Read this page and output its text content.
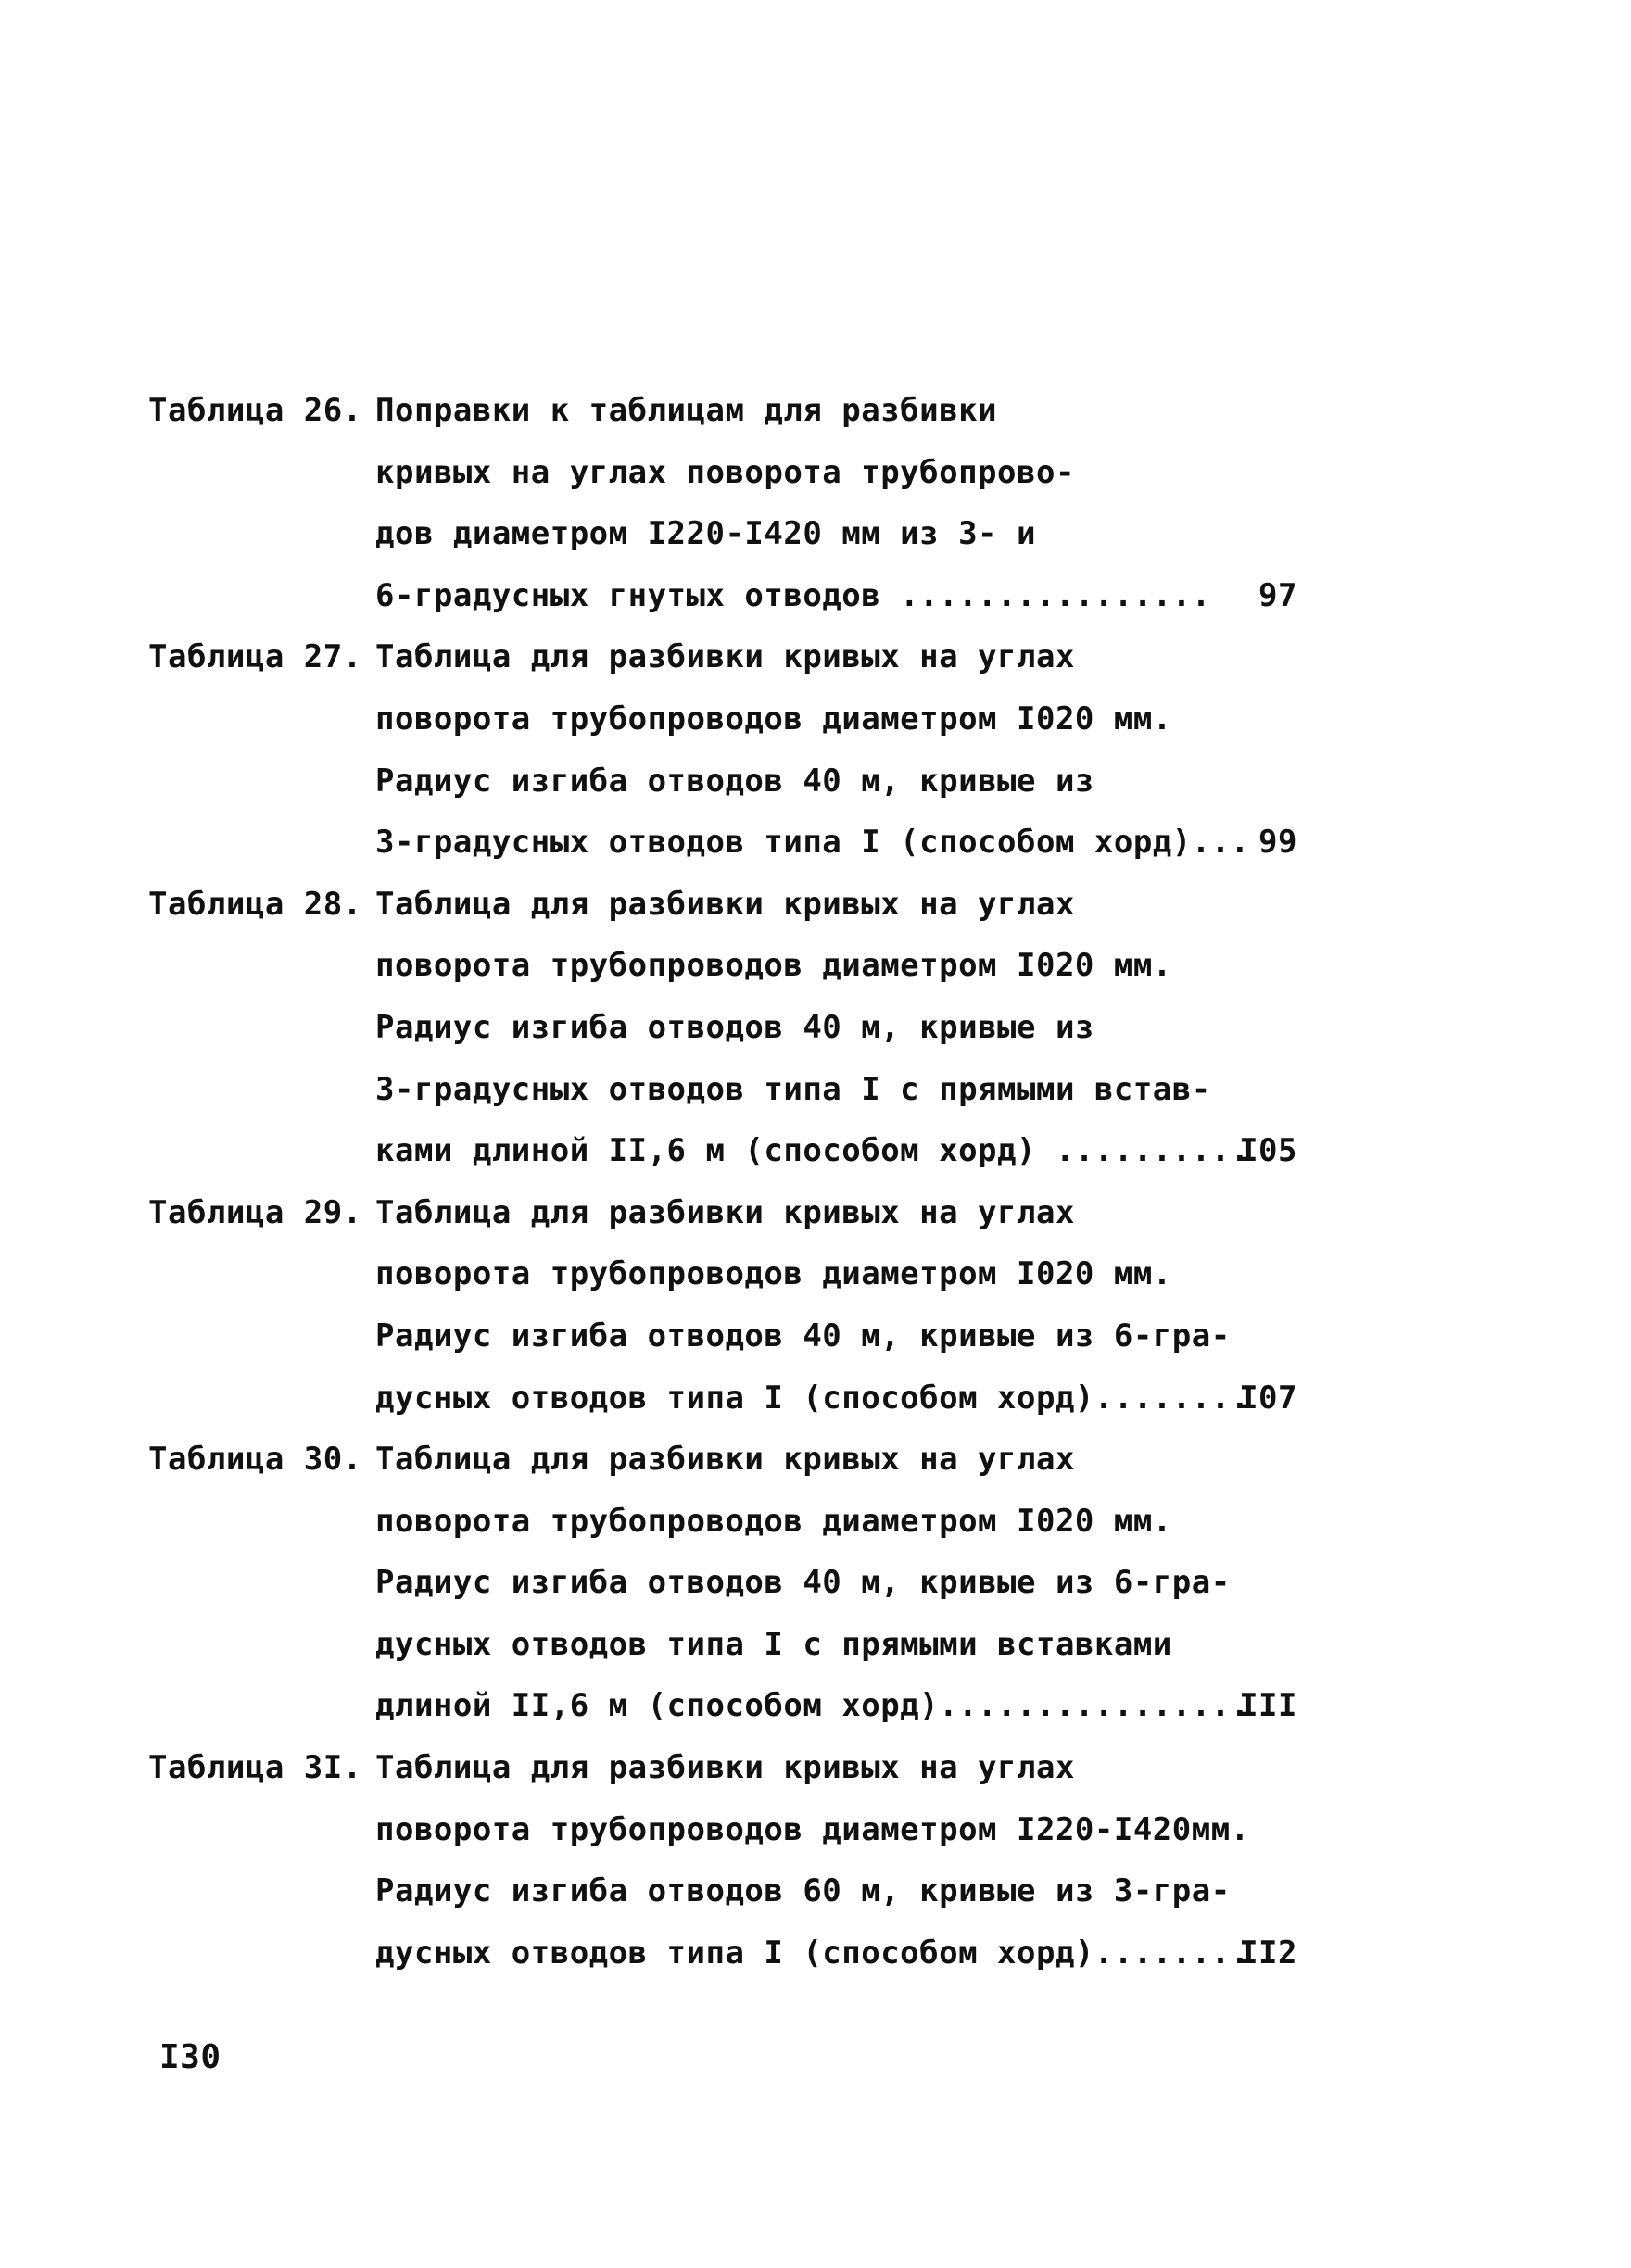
Таблица 26. Поправки к таблицам для разбивки
кривых на углах поворота трубопрово-
дов диаметром I220-I420 мм из 3- и
6-градусных гнутых отводов ................ 97
Таблица 27. Таблица для разбивки кривых на углах
поворота трубопроводов диаметром I020 мм.
Радиус изгиба отводов 40 м, кривые из
3-градусных отводов типа I (способом хорд)... 99
Таблица 28. Таблица для разбивки кривых на углах
поворота трубопроводов диаметром I020 мм.
Радиус изгиба отводов 40 м, кривые из
3-градусных отводов типа I с прямыми встав-
ками длиной II,6 м (способом хорд) ..........
I05
Таблица 29. Таблица для разбивки кривых на углах
поворота трубопроводов диаметром I020 мм.
Радиус изгиба отводов 40 м, кривые из 6-гра-
дусных отводов типа I (способом хорд)........
I07
Таблица 30. Таблица для разбивки кривых на углах
поворота трубопроводов диаметром I020 мм.
Радиус изгиба отводов 40 м, кривые из 6-гра-
дусных отводов типа I с прямыми вставками
длиной II,6 м (способом хорд)................
III
Таблица 3I. Таблица для разбивки кривых на углах
поворота трубопроводов диаметром I220-I420мм.
Радиус изгиба отводов 60 м, кривые из 3-гра-
дусных отводов типа I (способом хорд)........
II2
I30
